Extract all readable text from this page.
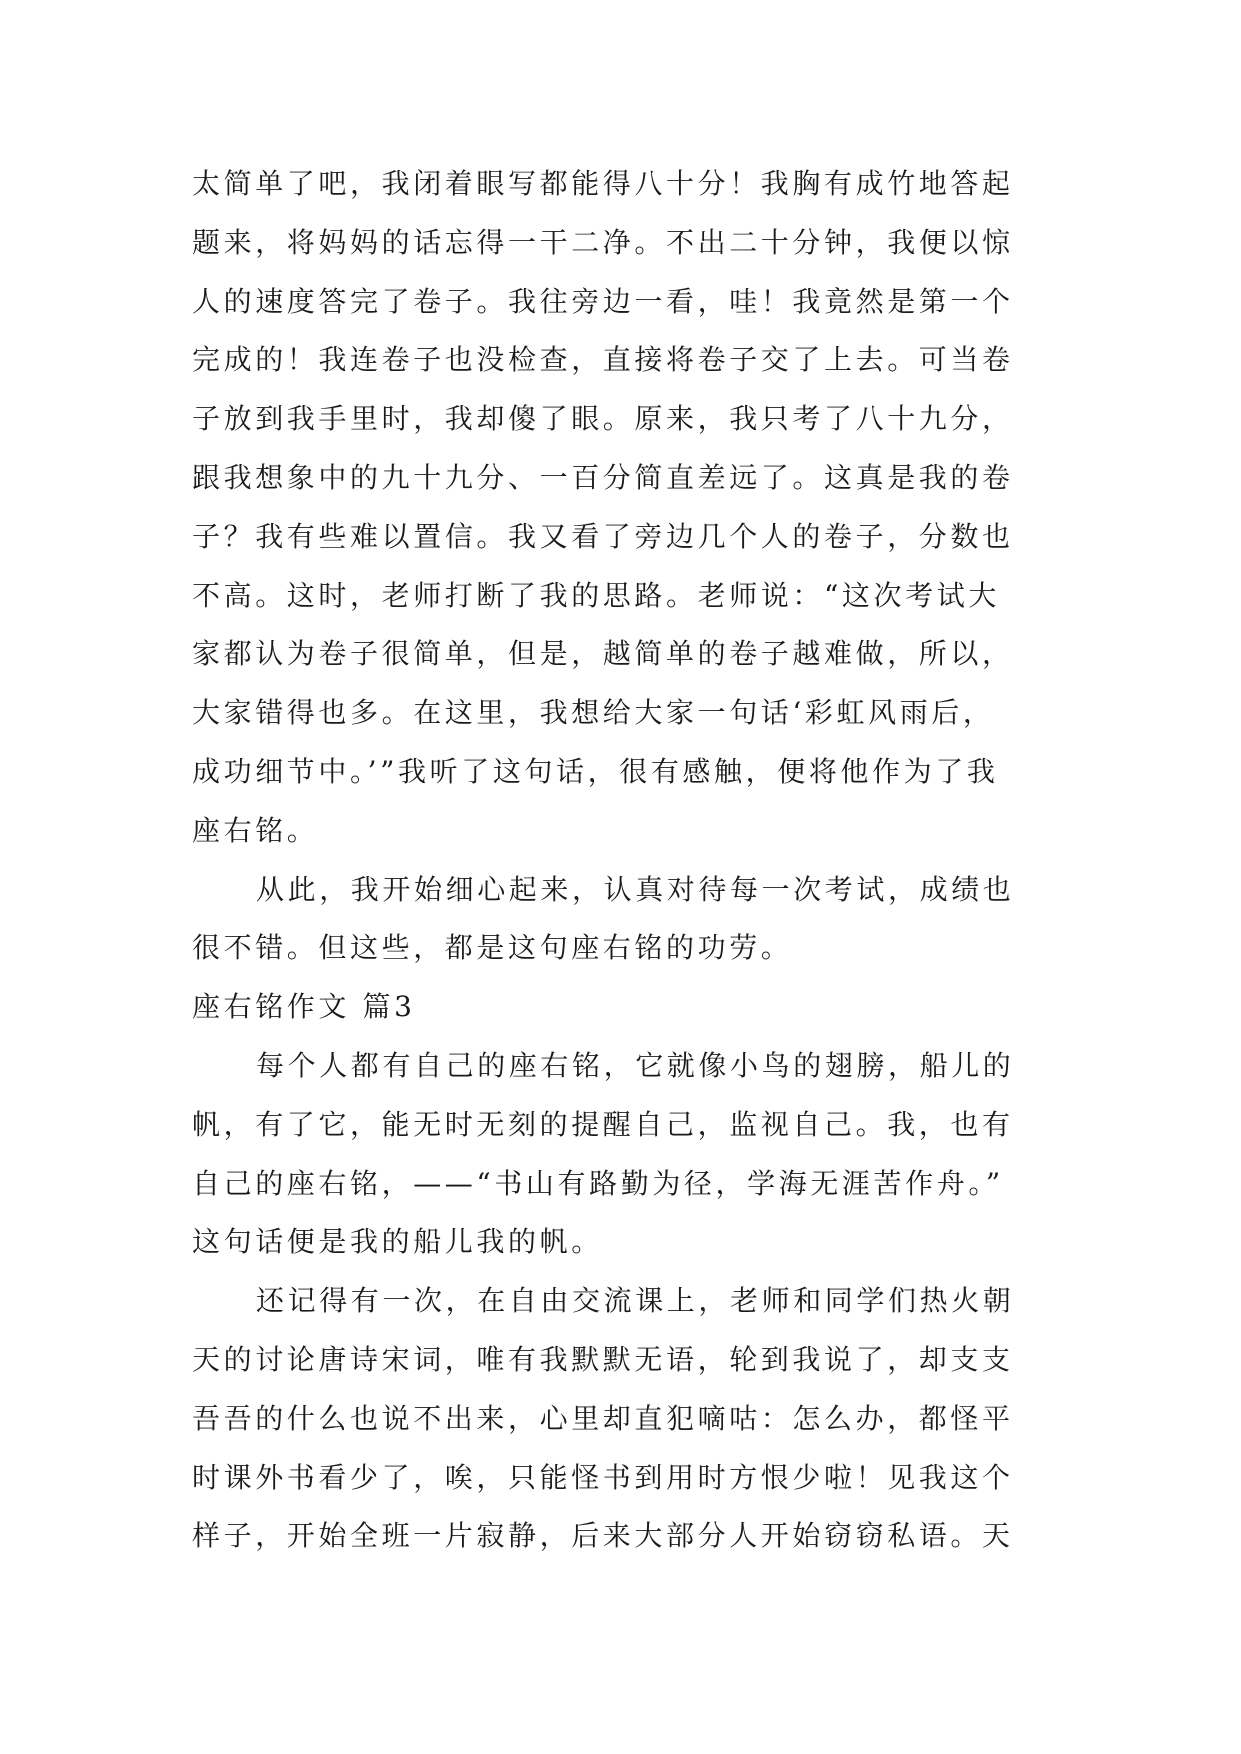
太简单了吧，我闭着眼写都能得八十分！我胸有成竹地答起
题来，将妈妈的话忘得一干二净。不出二十分钟，我便以惊
人的速度答完了卷子。我往旁边一看，哇！我竟然是第一个
完成的！我连卷子也没检查，直接将卷子交了上去。可当卷
子放到我手里时，我却傻了眼。原来，我只考了八十九分，
跟我想象中的九十九分、一百分简直差远了。这真是我的卷
子？我有些难以置信。我又看了旁边几个人的卷子，分数也
不高。这时，老师打断了我的思路。老师说：“这次考试大
家都认为卷子很简单，但是，越简单的卷子越难做，所以，
大家错得也多。在这里，我想给大家一句话‘彩虹风雨后，
成功细节中。’”我听了这句话，很有感触，便将他作为了我
座右铭。
从此，我开始细心起来，认真对待每一次考试，成绩也
很不错。但这些，都是这句座右铭的功劳。
座右铭作文 篇3
每个人都有自己的座右铭，它就像小鸟的翅膀，船儿的
帆，有了它，能无时无刻的提醒自己，监视自己。我，也有
自己的座右铭，——“书山有路勤为径，学海无涯苦作舟。”
这句话便是我的船儿我的帆。
还记得有一次，在自由交流课上，老师和同学们热火朝
天的讨论唐诗宋词，唯有我默默无语，轮到我说了，却支支
吾吾的什么也说不出来，心里却直犯嘀咕：怎么办，都怪平
时课外书看少了，唉，只能怪书到用时方恨少啦！见我这个
样子，开始全班一片寂静，后来大部分人开始窃窃私语。天
